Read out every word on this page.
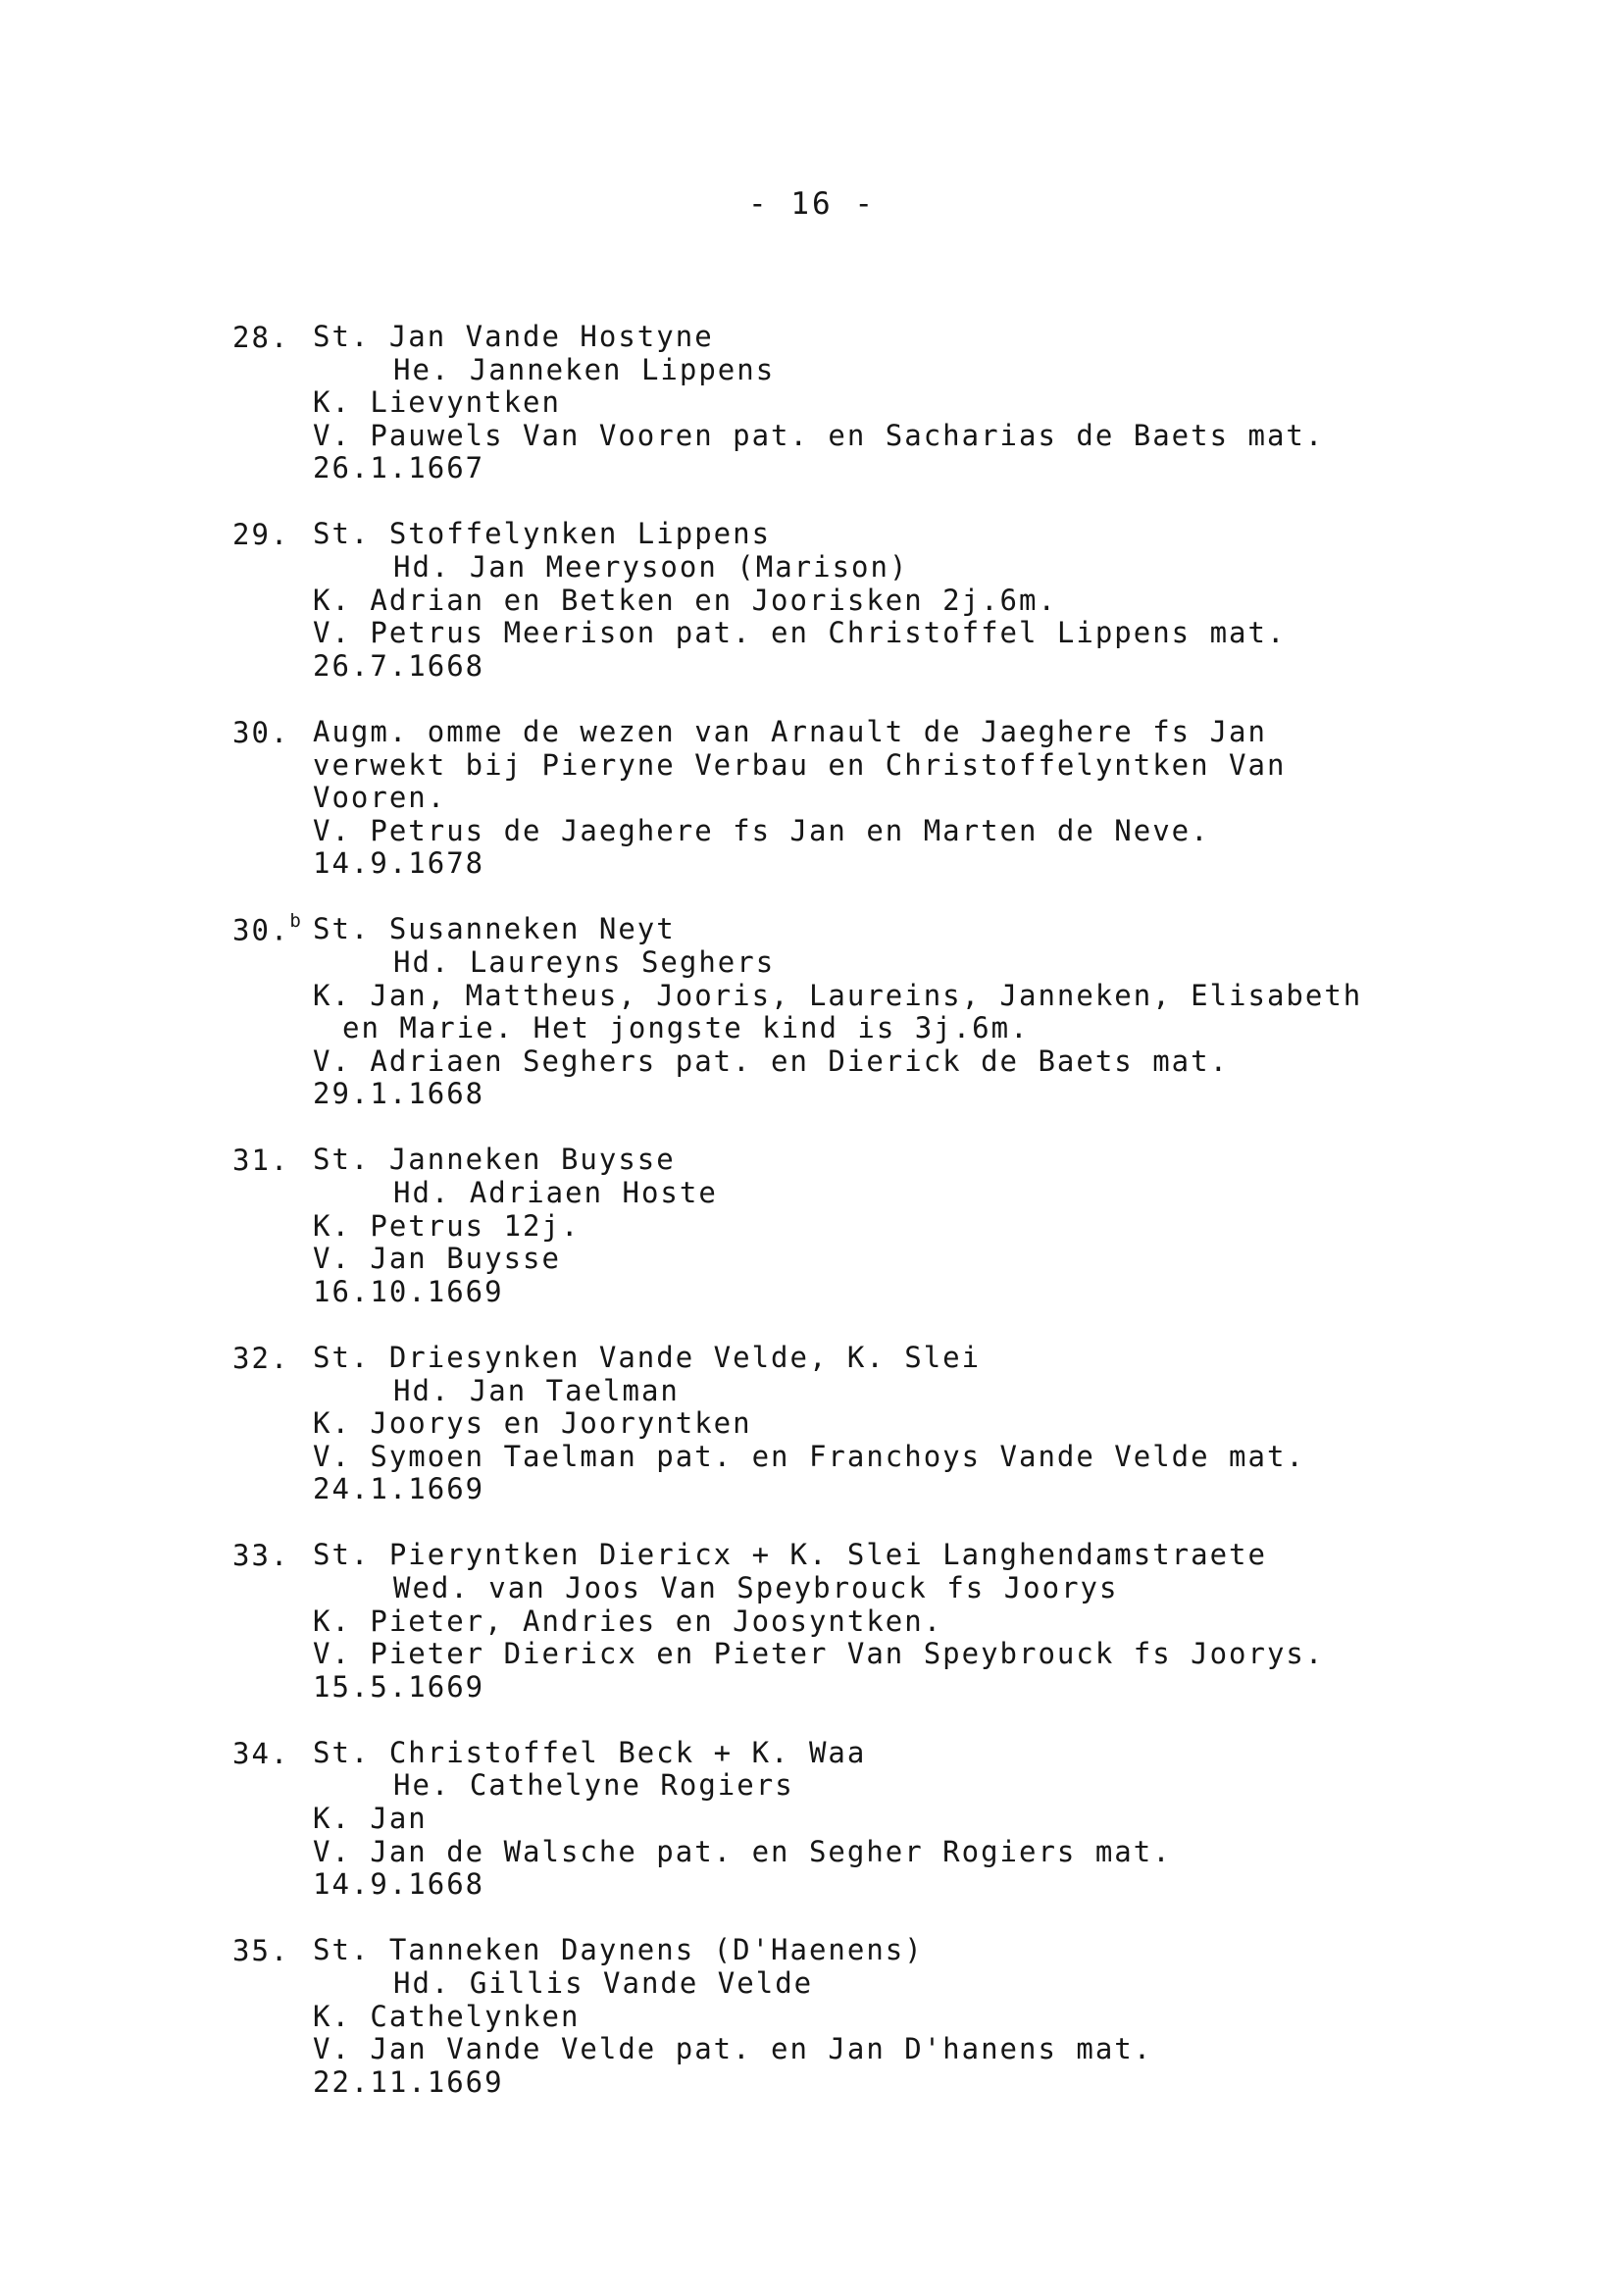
- 16 -
28. St. Jan Vande Hostyne
He. Janneken Lippens
K. Lievyntken
V. Pauwels Van Vooren pat. en Sacharias de Baets mat.
26.1.1667
29. St. Stoffelynken Lippens
Hd. Jan Meerysoon (Marison)
K. Adrian en Betken en Joorisken 2j.6m.
V. Petrus Meerison pat. en Christoffel Lippens mat.
26.7.1668
30. Augm. omme de wezen van Arnault de Jaeghere fs Jan
verwekt bij Pieryne Verbau en Christoffelyntken Van
Vooren.
V. Petrus de Jaeghere fs Jan en Marten de Neve.
14.9.1678
30.$^b$ St. Susanneken Neyt
Hd. Laureyns Seghers
K. Jan, Mattheus, Jooris, Laureins, Janneken, Elisabeth
en Marie. Het jongste kind is 3j.6m.
V. Adriaen Seghers pat. en Dierick de Baets mat.
29.1.1668
31. St. Janneken Buysse
Hd. Adriaen Hoste
K. Petrus 12j.
V. Jan Buysse
16.10.1669
32. St. Driesynken Vande Velde, K. Slei
Hd. Jan Taelman
K. Joorys en Jooryntken
V. Symoen Taelman pat. en Franchoys Vande Velde mat.
24.1.1669
33. St. Pieryntken Diericx + K. Slei Langhendamstraete
Wed. van Joos Van Speybrouck fs Joorys
K. Pieter, Andries en Joosyntken.
V. Pieter Diericx en Pieter Van Speybrouck fs Joorys.
15.5.1669
34. St. Christoffel Beck + K. Waa
He. Cathelyne Rogiers
K. Jan
V. Jan de Walsche pat. en Segher Rogiers mat.
14.9.1668
35. St. Tanneken Daynens (D'Haenens)
Hd. Gillis Vande Velde
K. Cathelynken
V. Jan Vande Velde pat. en Jan D'hanens mat.
22.11.1669
